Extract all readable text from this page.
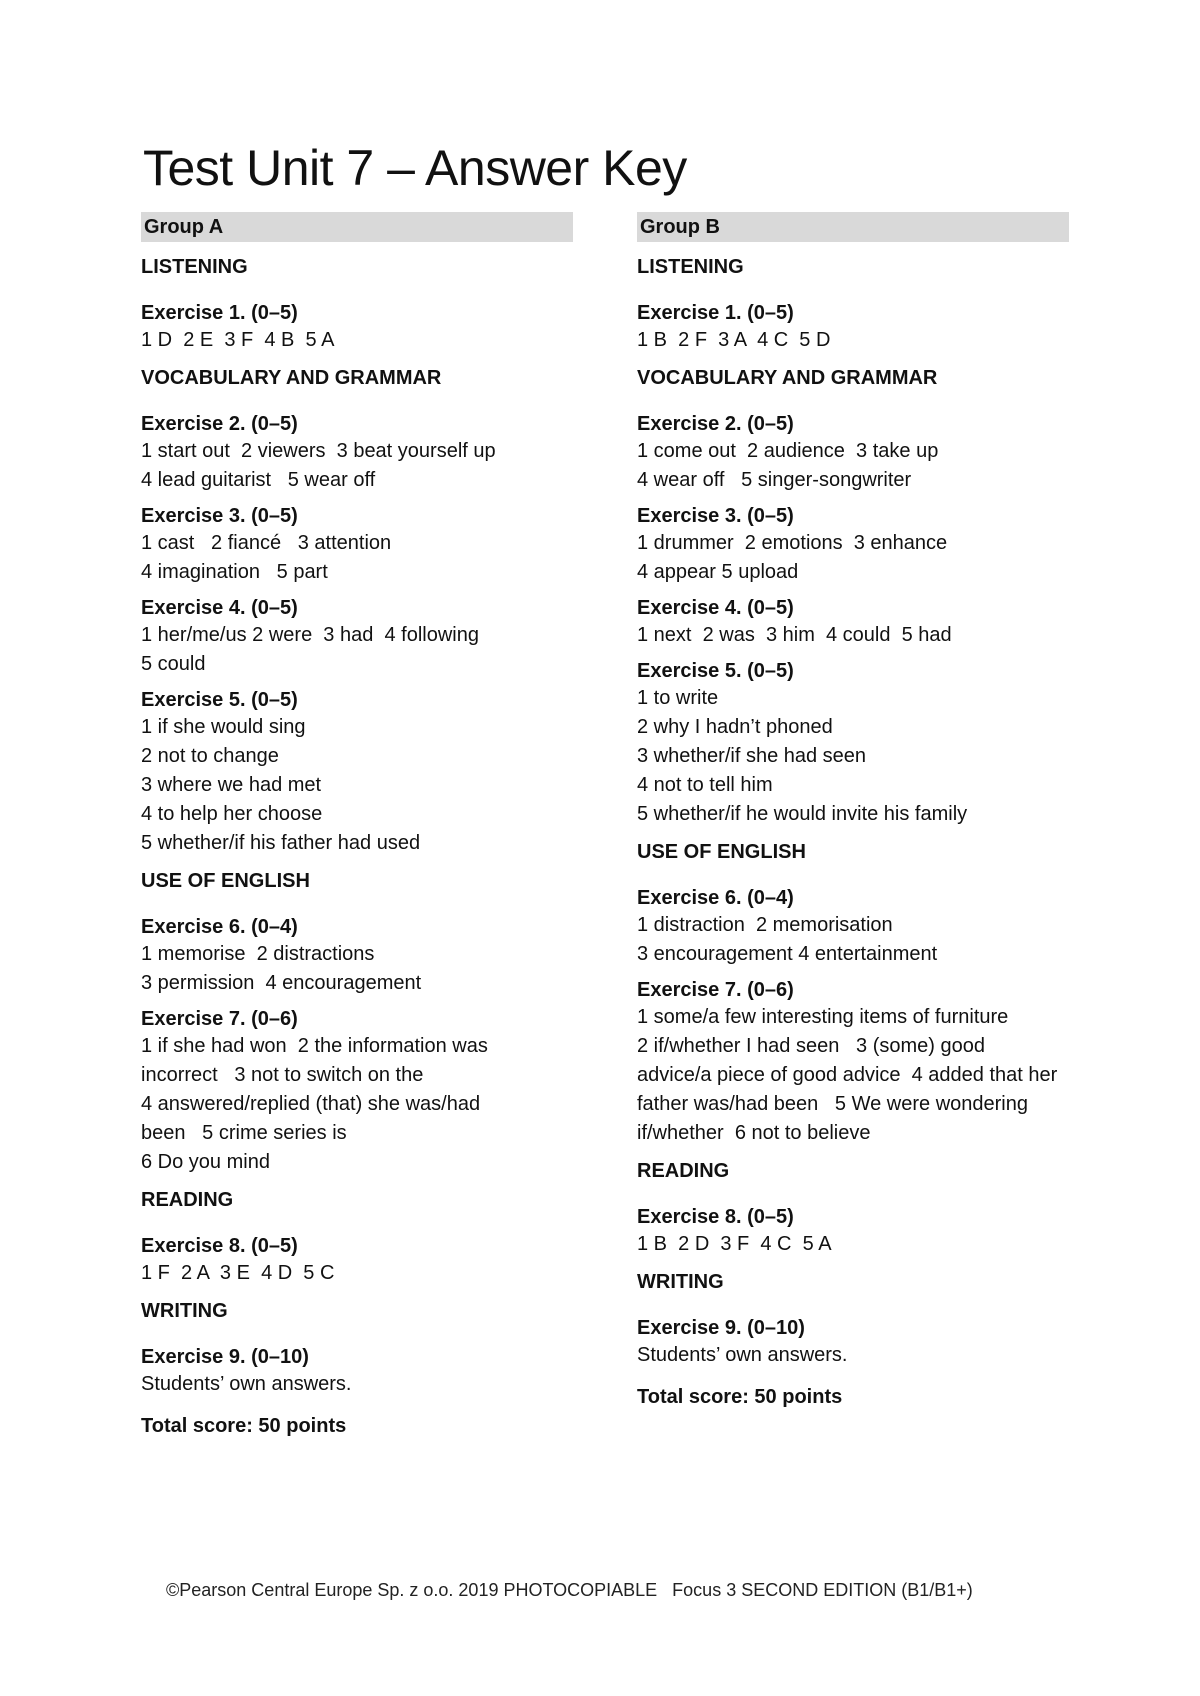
Test Unit 7 – Answer Key
Group A
LISTENING
Exercise 1. (0–5)
1 D  2 E  3 F  4 B  5 A
VOCABULARY AND GRAMMAR
Exercise 2. (0–5)
1 start out  2 viewers  3 beat yourself up
4 lead guitarist   5 wear off
Exercise 3. (0–5)
1 cast   2 fiancé   3 attention
4 imagination   5 part
Exercise 4. (0–5)
1 her/me/us 2 were  3 had  4 following
5 could
Exercise 5. (0–5)
1 if she would sing
2 not to change
3 where we had met
4 to help her choose
5 whether/if his father had used
USE OF ENGLISH
Exercise 6. (0–4)
1 memorise  2 distractions
3 permission  4 encouragement
Exercise 7. (0–6)
1 if she had won  2 the information was
incorrect   3 not to switch on the
4 answered/replied (that) she was/had
been   5 crime series is
6 Do you mind
READING
Exercise 8. (0–5)
1 F  2 A  3 E  4 D  5 C
WRITING
Exercise 9. (0–10)
Students’ own answers.
Total score: 50 points
Group B
LISTENING
Exercise 1. (0–5)
1 B  2 F  3 A  4 C  5 D
VOCABULARY AND GRAMMAR
Exercise 2. (0–5)
1 come out  2 audience  3 take up
4 wear off   5 singer-songwriter
Exercise 3. (0–5)
1 drummer  2 emotions  3 enhance
4 appear 5 upload
Exercise 4. (0–5)
1 next  2 was  3 him  4 could  5 had
Exercise 5. (0–5)
1 to write
2 why I hadn’t phoned
3 whether/if she had seen
4 not to tell him
5 whether/if he would invite his family
USE OF ENGLISH
Exercise 6. (0–4)
1 distraction  2 memorisation
3 encouragement 4 entertainment
Exercise 7. (0–6)
1 some/a few interesting items of furniture
2 if/whether I had seen   3 (some) good
advice/a piece of good advice  4 added that her
father was/had been   5 We were wondering
if/whether  6 not to believe
READING
Exercise 8. (0–5)
1 B  2 D  3 F  4 C  5 A
WRITING
Exercise 9. (0–10)
Students’ own answers.
Total score: 50 points
©Pearson Central Europe Sp. z o.o. 2019 PHOTOCOPIABLE   Focus 3 SECOND EDITION (B1/B1+)
